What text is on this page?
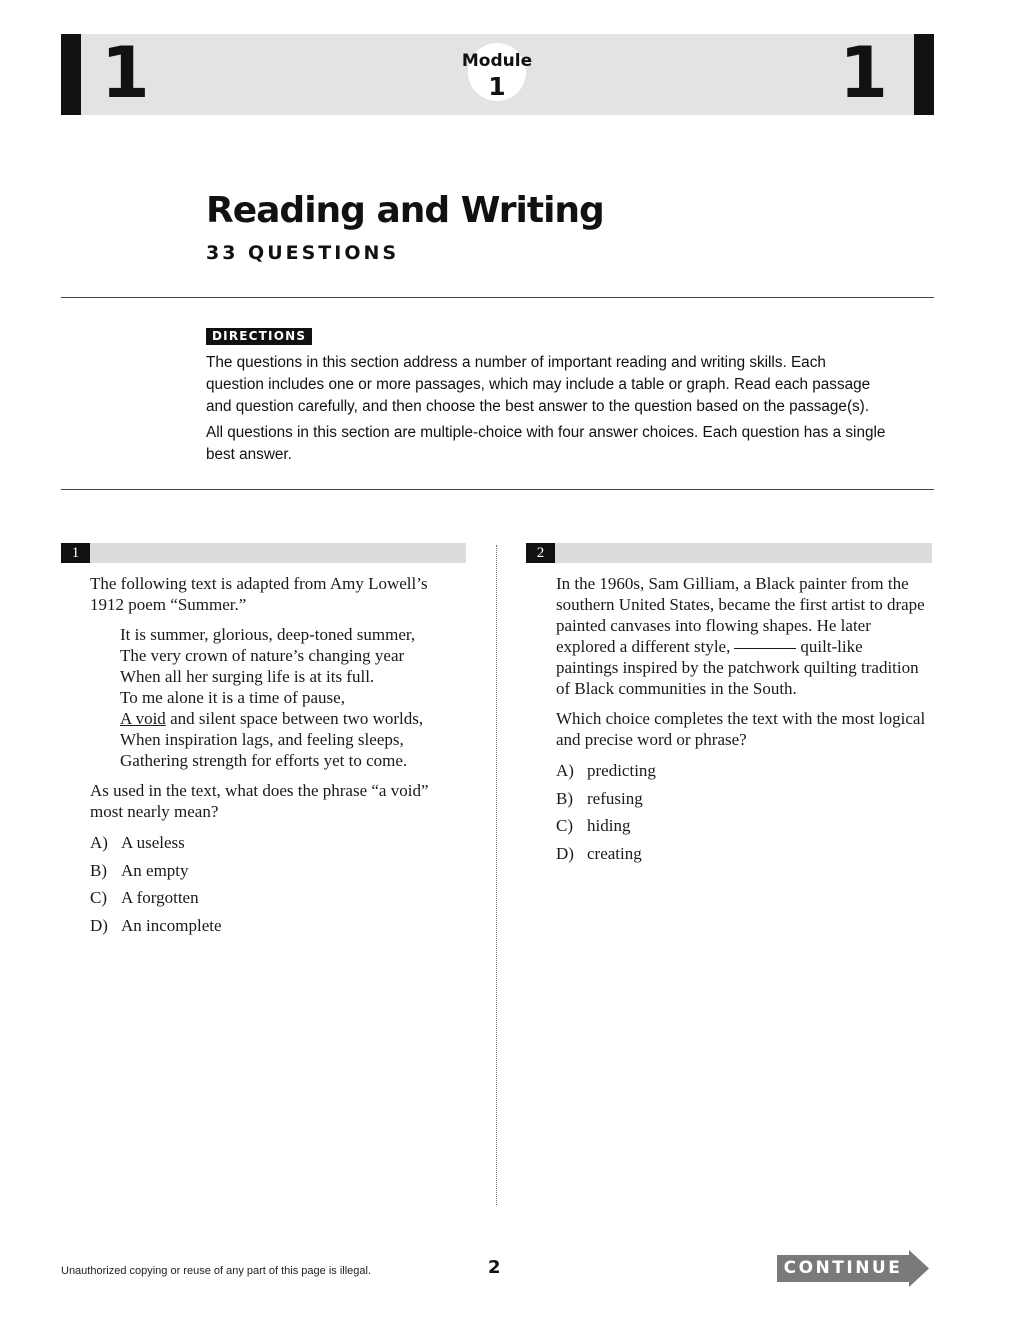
1	Module
1	1
Reading and Writing
33 QUESTIONS
DIRECTIONS

The questions in this section address a number of important reading and writing skills. Each question includes one or more passages, which may include a table or graph. Read each passage and question carefully, and then choose the best answer to the question based on the passage(s).

All questions in this section are multiple-choice with four answer choices. Each question has a single best answer.

1

The following text is adapted from Amy Lowell’s 1912 poem “Summer.”

It is summer, glorious, deep-toned summer,
The very crown of nature’s changing year
When all her surging life is at its full.
To me alone it is a time of pause,
A void and silent space between two worlds,
When inspiration lags, and feeling sleeps,
Gathering strength for efforts yet to come.

As used in the text, what does the phrase “a void” most nearly mean?

A) A useless
B) An empty
C) A forgotten
D) An incomplete
2

In the 1960s, Sam Gilliam, a Black painter from the southern United States, became the first artist to drape painted canvases into flowing shapes. He later explored a different style,	quilt-like paintings inspired by the patchwork quilting tradition of Black communities in the South.

Which choice completes the text with the most logical and precise word or phrase?

A) predicting
B) refusing
C) hiding
D) creating
Unauthorized copying or reuse of any part of this page is illegal.	2	CONTINUE
